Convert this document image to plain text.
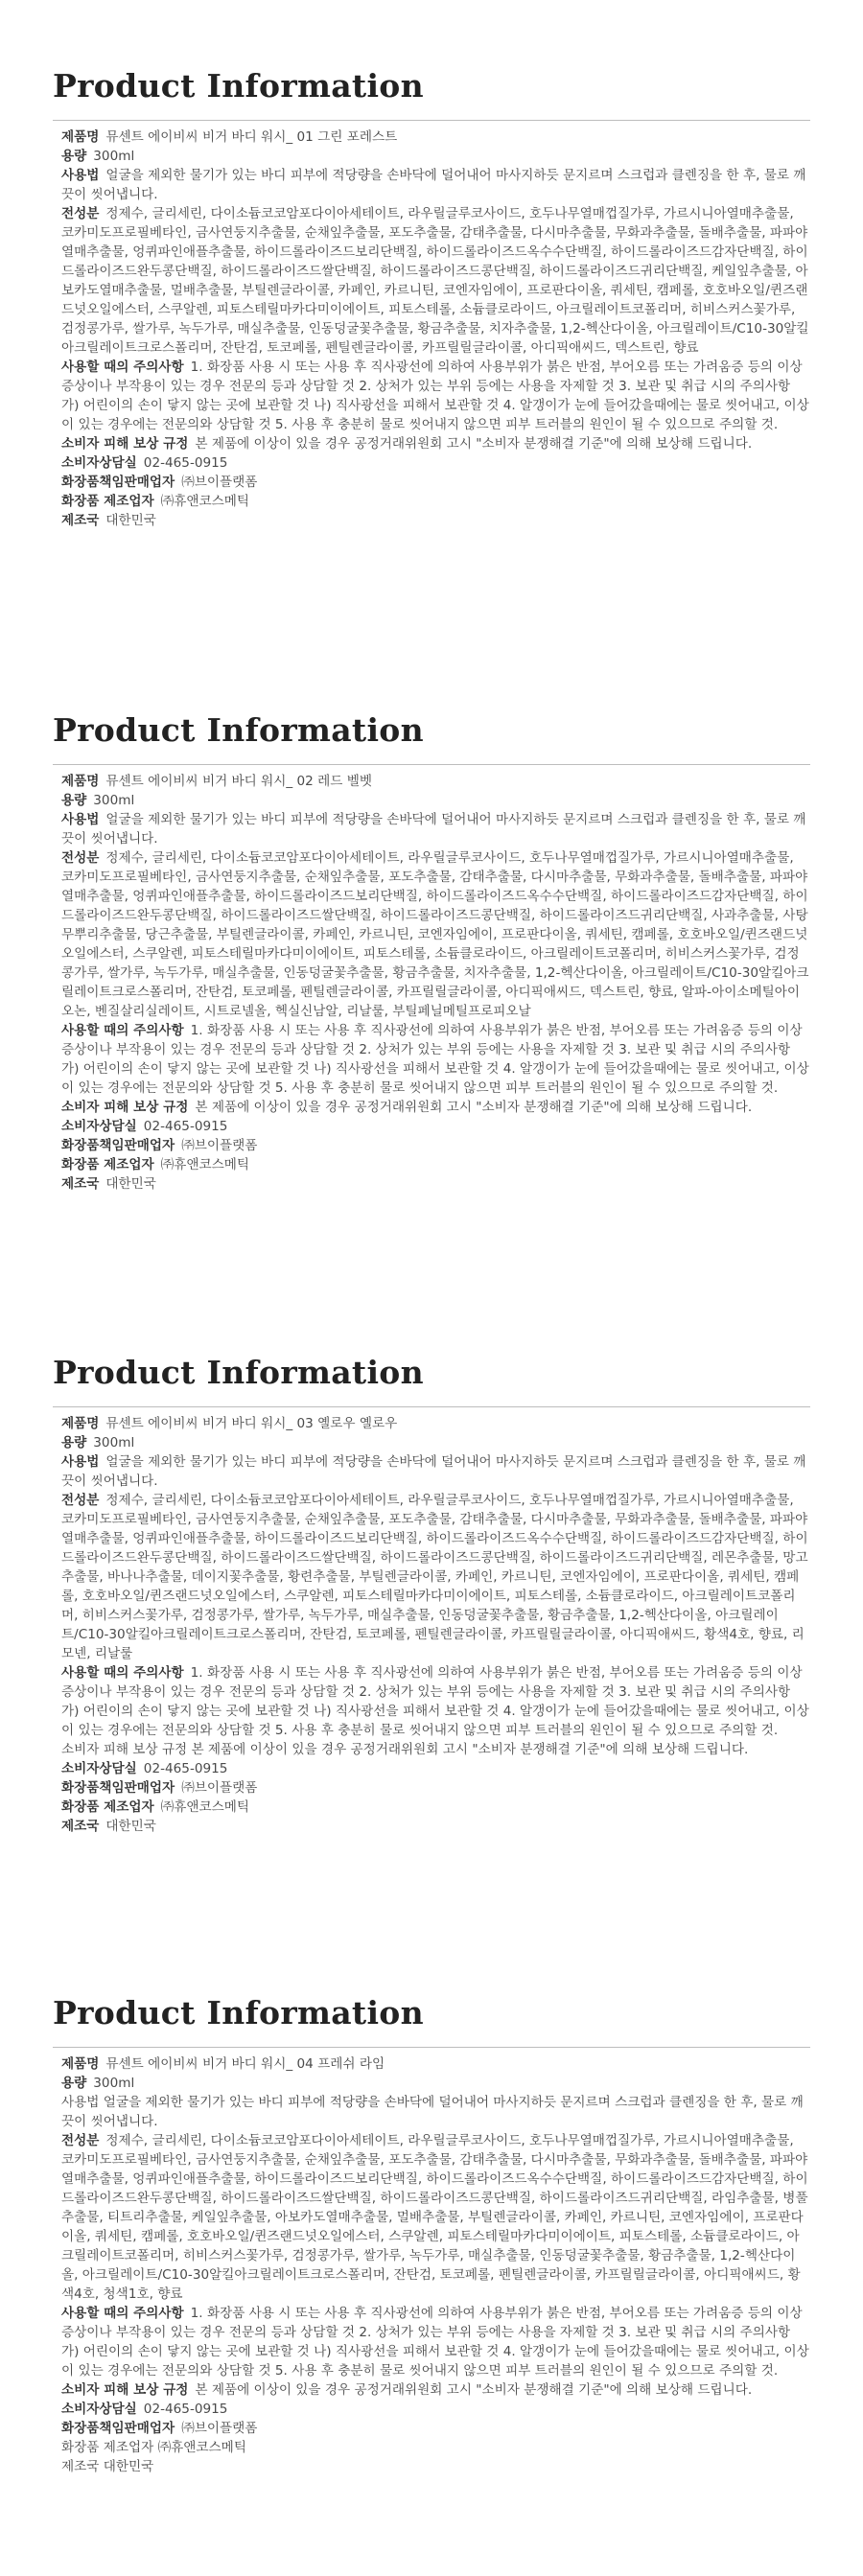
Product Information

제품명 뮤센트 에이비씨 비거 바디 워시_ 01 그린 포레스트

용량 300ml

사용법 얼굴을 제외한 물기가 있는 바디 피부에 적당량을 손바닥에 덜어내어 마사지하듯 문지르며 스크럽과 클렌징을 한 후, 물로 깨끗이 씻어냅니다.

전성분 정제수, 글리세린, 다이소듐코코암포다이아세테이트, 라우릴글루코사이드, 호두나무열매껍질가루, 가르시니아열매추출물, 코카미도프로필베타인, 금사연둥지추출물, 순채잎추출물, 포도추출물, 감태추출물, 다시마추출물, 무화과추출물, 돌배추출물, 파파야열매추출물, 엉퀴파인애플추출물, 하이드롤라이즈드보리단백질, 하이드롤라이즈드옥수수단백질, 하이드롤라이즈드감자단백질, 하이드롤라이즈드완두콩단백질, 하이드롤라이즈드쌀단백질, 하이드롤라이즈드콩단백질, 하이드롤라이즈드귀리단백질, 케일잎추출물, 아보카도열매추출물, 멀배추출물, 부틸렌글라이콜, 카페인, 카르니틴, 코엔자임에이, 프로판다이올, 쿼세틴, 캠페롤, 호호바오일/퀸즈랜드넛오일에스터, 스쿠알렌, 피토스테릴마카다미이에이트, 피토스테롤, 소듐클로라이드, 아크릴레이트코폴리머, 히비스커스꽃가루, 검정콩가루, 쌀가루, 녹두가루, 매실추출물, 인동덩굴꽃추출물, 황금추출물, 치자추출물, 1,2-헥산다이올, 아크릴레이트/C10-30알킬아크릴레이트크로스폴리머, 잔탄검, 토코페롤, 펜틸렌글라이콜, 카프릴릴글라이콜, 아디픽애씨드, 덱스트린, 향료

사용할 때의 주의사항 1. 화장품 사용 시 또는 사용 후 직사광선에 의하여 사용부위가 붉은 반점, 부어오름 또는 가려움증 등의 이상 증상이나 부작용이 있는 경우 전문의 등과 상담할 것 2. 상처가 있는 부위 등에는 사용을 자제할 것 3. 보관 및 취급 시의 주의사항 가) 어린이의 손이 닿지 않는 곳에 보관할 것 나) 직사광선을 피해서 보관할 것 4. 알갱이가 눈에 들어갔을때에는 물로 씻어내고, 이상이 있는 경우에는 전문의와 상담할 것 5. 사용 후 충분히 물로 씻어내지 않으면 피부 트러블의 원인이 될 수 있으므로 주의할 것.

소비자 피해 보상 규정 본 제품에 이상이 있을 경우 공정거래위원회 고시 "소비자 분쟁해결 기준"에 의해 보상해 드립니다.

소비자상담실 02-465-0915

화장품책임판매업자 ㈜브이플랫폼

화장품 제조업자 ㈜휴앤코스메틱

제조국 대한민국

Product Information

제품명 뮤센트 에이비씨 비거 바디 워시_ 02 레드 벨벳

용량 300ml

사용법 얼굴을 제외한 물기가 있는 바디 피부에 적당량을 손바닥에 덜어내어 마사지하듯 문지르며 스크럽과 클렌징을 한 후, 물로 깨끗이 씻어냅니다.

전성분 정제수, 글리세린, 다이소듐코코암포다이아세테이트, 라우릴글루코사이드, 호두나무열매껍질가루, 가르시니아열매추출물, 코카미도프로필베타인, 금사연둥지추출물, 순채잎추출물, 포도추출물, 감태추출물, 다시마추출물, 무화과추출물, 돌배추출물, 파파야열매추출물, 엉퀴파인애플추출물, 하이드롤라이즈드보리단백질, 하이드롤라이즈드옥수수단백질, 하이드롤라이즈드감자단백질, 하이드롤라이즈드완두콩단백질, 하이드롤라이즈드쌀단백질, 하이드롤라이즈드콩단백질, 하이드롤라이즈드귀리단백질, 사과추출물, 사탕무뿌리추출물, 당근추출물, 부틸렌글라이콜, 카페인, 카르니틴, 코엔자임에이, 프로판다이올, 쿼세틴, 캠페롤, 호호바오일/퀸즈랜드넛오일에스터, 스쿠알렌, 피토스테릴마카다미이에이트, 피토스테롤, 소듐클로라이드, 아크릴레이트코폴리머, 히비스커스꽃가루, 검정콩가루, 쌀가루, 녹두가루, 매실추출물, 인동덩굴꽃추출물, 황금추출물, 치자추출물, 1,2-헥산다이올, 아크릴레이트/C10-30알킬아크릴레이트크로스폴리머, 잔탄검, 토코페롤, 펜틸렌글라이콜, 카프릴릴글라이콜, 아디픽애씨드, 덱스트린, 향료, 알파-아이소메틸아이오논, 벤질살리실레이트, 시트로넬올, 헥실신남알, 리날룰, 부틸페닐메틸프로피오날

사용할 때의 주의사항 1. 화장품 사용 시 또는 사용 후 직사광선에 의하여 사용부위가 붉은 반점, 부어오름 또는 가려움증 등의 이상 증상이나 부작용이 있는 경우 전문의 등과 상담할 것 2. 상처가 있는 부위 등에는 사용을 자제할 것 3. 보관 및 취급 시의 주의사항 가) 어린이의 손이 닿지 않는 곳에 보관할 것 나) 직사광선을 피해서 보관할 것 4. 알갱이가 눈에 들어갔을때에는 물로 씻어내고, 이상이 있는 경우에는 전문의와 상담할 것 5. 사용 후 충분히 물로 씻어내지 않으면 피부 트러블의 원인이 될 수 있으므로 주의할 것.

소비자 피해 보상 규정 본 제품에 이상이 있을 경우 공정거래위원회 고시 "소비자 분쟁해결 기준"에 의해 보상해 드립니다.

소비자상담실 02-465-0915

화장품책임판매업자 ㈜브이플랫폼

화장품 제조업자 ㈜휴앤코스메틱

제조국 대한민국

Product Information

제품명 뮤센트 에이비씨 비거 바디 워시_ 03 옐로우 옐로우

용량 300ml

사용법 얼굴을 제외한 물기가 있는 바디 피부에 적당량을 손바닥에 덜어내어 마사지하듯 문지르며 스크럽과 클렌징을 한 후, 물로 깨끗이 씻어냅니다.

전성분 정제수, 글리세린, 다이소듐코코암포다이아세테이트, 라우릴글루코사이드, 호두나무열매껍질가루, 가르시니아열매추출물, 코카미도프로필베타인, 금사연둥지추출물, 순채잎추출물, 포도추출물, 감태추출물, 다시마추출물, 무화과추출물, 돌배추출물, 파파야열매추출물, 엉퀴파인애플추출물, 하이드롤라이즈드보리단백질, 하이드롤라이즈드옥수수단백질, 하이드롤라이즈드감자단백질, 하이드롤라이즈드완두콩단백질, 하이드롤라이즈드쌀단백질, 하이드롤라이즈드콩단백질, 하이드롤라이즈드귀리단백질, 레몬추출물, 망고추출물, 바나나추출물, 데이지꽃추출물, 황련추출물, 부틸렌글라이콜, 카페인, 카르니틴, 코엔자임에이, 프로판다이올, 쿼세틴, 캠페롤, 호호바오일/퀸즈랜드넛오일에스터, 스쿠알렌, 피토스테릴마카다미이에이트, 피토스테롤, 소듐클로라이드, 아크릴레이트코폴리머, 히비스커스꽃가루, 검정콩가루, 쌀가루, 녹두가루, 매실추출물, 인동덩굴꽃추출물, 황금추출물, 1,2-헥산다이올, 아크릴레이트/C10-30알킬아크릴레이트크로스폴리머, 잔탄검, 토코페롤, 펜틸렌글라이콜, 카프릴릴글라이콜, 아디픽애씨드, 황색4호, 향료, 리모넨, 리날룰

사용할 때의 주의사항 1. 화장품 사용 시 또는 사용 후 직사광선에 의하여 사용부위가 붉은 반점, 부어오름 또는 가려움증 등의 이상 증상이나 부작용이 있는 경우 전문의 등과 상담할 것 2. 상처가 있는 부위 등에는 사용을 자제할 것 3. 보관 및 취급 시의 주의사항 가) 어린이의 손이 닿지 않는 곳에 보관할 것 나) 직사광선을 피해서 보관할 것 4. 알갱이가 눈에 들어갔을때에는 물로 씻어내고, 이상이 있는 경우에는 전문의와 상담할 것 5. 사용 후 충분히 물로 씻어내지 않으면 피부 트러블의 원인이 될 수 있으므로 주의할 것.

소비자 피해 보상 규정 본 제품에 이상이 있을 경우 공정거래위원회 고시 "소비자 분쟁해결 기준"에 의해 보상해 드립니다.

소비자상담실 02-465-0915

화장품책임판매업자 ㈜브이플랫폼

화장품 제조업자 ㈜휴앤코스메틱

제조국 대한민국

Product Information

제품명 뮤센트 에이비씨 비거 바디 워시_ 04 프레쉬 라임

용량 300ml

사용법 얼굴을 제외한 물기가 있는 바디 피부에 적당량을 손바닥에 덜어내어 마사지하듯 문지르며 스크럽과 클렌징을 한 후, 물로 깨끗이 씻어냅니다.

전성분 정제수, 글리세린, 다이소듐코코암포다이아세테이트, 라우릴글루코사이드, 호두나무열매껍질가루, 가르시니아열매추출물, 코카미도프로필베타인, 금사연둥지추출물, 순채잎추출물, 포도추출물, 감태추출물, 다시마추출물, 무화과추출물, 돌배추출물, 파파야열매추출물, 엉퀴파인애플추출물, 하이드롤라이즈드보리단백질, 하이드롤라이즈드옥수수단백질, 하이드롤라이즈드감자단백질, 하이드롤라이즈드완두콩단백질, 하이드롤라이즈드쌀단백질, 하이드롤라이즈드콩단백질, 하이드롤라이즈드귀리단백질, 라임추출물, 병풀추출물, 티트리추출물, 케일잎추출물, 아보카도열매추출물, 멀배추출물, 부틸렌글라이콜, 카페인, 카르니틴, 코엔자임에이, 프로판다이올, 쿼세틴, 캠페롤, 호호바오일/퀸즈랜드넛오일에스터, 스쿠알렌, 피토스테릴마카다미이에이트, 피토스테롤, 소듐클로라이드, 아크릴레이트코폴리머, 히비스커스꽃가루, 검정콩가루, 쌀가루, 녹두가루, 매실추출물, 인동덩굴꽃추출물, 황금추출물, 1,2-헥산다이올, 아크릴레이트/C10-30알킬아크릴레이트크로스폴리머, 잔탄검, 토코페롤, 펜틸렌글라이콜, 카프릴릴글라이콜, 아디픽애씨드, 황색4호, 청색1호, 향료

사용할 때의 주의사항 1. 화장품 사용 시 또는 사용 후 직사광선에 의하여 사용부위가 붉은 반점, 부어오름 또는 가려움증 등의 이상 증상이나 부작용이 있는 경우 전문의 등과 상담할 것 2. 상처가 있는 부위 등에는 사용을 자제할 것 3. 보관 및 취급 시의 주의사항 가) 어린이의 손이 닿지 않는 곳에 보관할 것 나) 직사광선을 피해서 보관할 것 4. 알갱이가 눈에 들어갔을때에는 물로 씻어내고, 이상이 있는 경우에는 전문의와 상담할 것 5. 사용 후 충분히 물로 씻어내지 않으면 피부 트러블의 원인이 될 수 있으므로 주의할 것.

소비자 피해 보상 규정 본 제품에 이상이 있을 경우 공정거래위원회 고시 "소비자 분쟁해결 기준"에 의해 보상해 드립니다.

소비자상담실 02-465-0915

화장품책임판매업자 ㈜브이플랫폼

화장품 제조업자 ㈜휴앤코스메틱

제조국 대한민국
